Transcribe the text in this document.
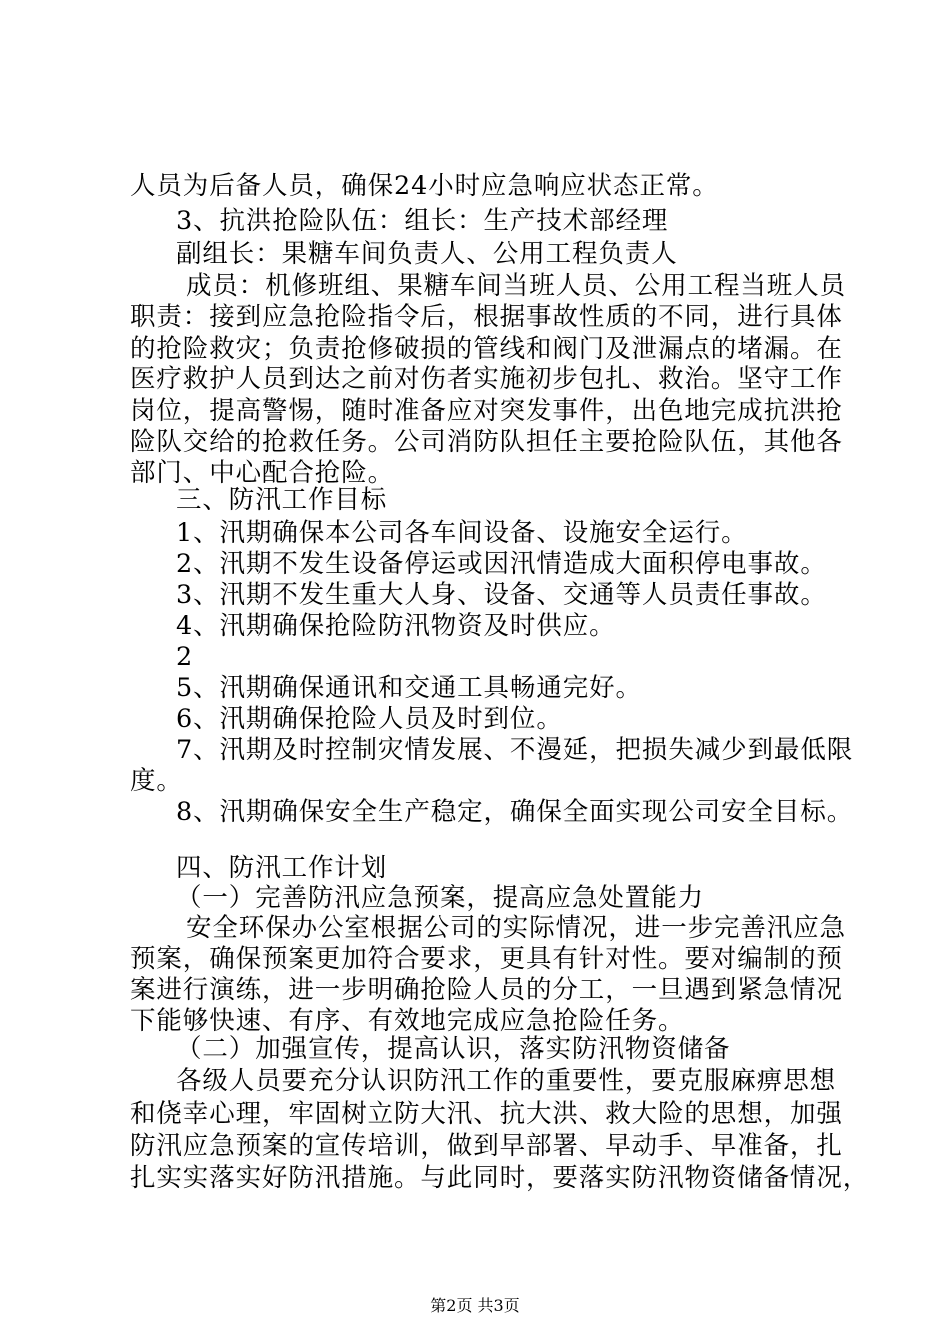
人员为后备人员，确保24小时应急响应状态正常。
3、抗洪抢险队伍：组长：生产技术部经理
副组长：果糖车间负责人、公用工程负责人
成员：机修班组、果糖车间当班人员、公用工程当班人员
职责：接到应急抢险指令后，根据事故性质的不同，进行具体
的抢险救灾；负责抢修破损的管线和阀门及泄漏点的堵漏。在
医疗救护人员到达之前对伤者实施初步包扎、救治。坚守工作
岗位，提高警惕，随时准备应对突发事件，出色地完成抗洪抢
险队交给的抢救任务。公司消防队担任主要抢险队伍，其他各
部门、中心配合抢险。
三、防汛工作目标
1、汛期确保本公司各车间设备、设施安全运行。
2、汛期不发生设备停运或因汛情造成大面积停电事故。
3、汛期不发生重大人身、设备、交通等人员责任事故。
4、汛期确保抢险防汛物资及时供应。
2
5、汛期确保通讯和交通工具畅通完好。
6、汛期确保抢险人员及时到位。
7、汛期及时控制灾情发展、不漫延，把损失减少到最低限
度。
8、汛期确保安全生产稳定，确保全面实现公司安全目标。
四、防汛工作计划
（一）完善防汛应急预案，提高应急处置能力
安全环保办公室根据公司的实际情况，进一步完善汛应急
预案，确保预案更加符合要求，更具有针对性。要对编制的预
案进行演练，进一步明确抢险人员的分工，一旦遇到紧急情况
下能够快速、有序、有效地完成应急抢险任务。
（二）加强宣传，提高认识，落实防汛物资储备
各级人员要充分认识防汛工作的重要性，要克服麻痹思想
和侥幸心理，牢固树立防大汛、抗大洪、救大险的思想，加强
防汛应急预案的宣传培训，做到早部署、早动手、早准备，扎
扎实实落实好防汛措施。与此同时，要落实防汛物资储备情况，
第2页 共3页
